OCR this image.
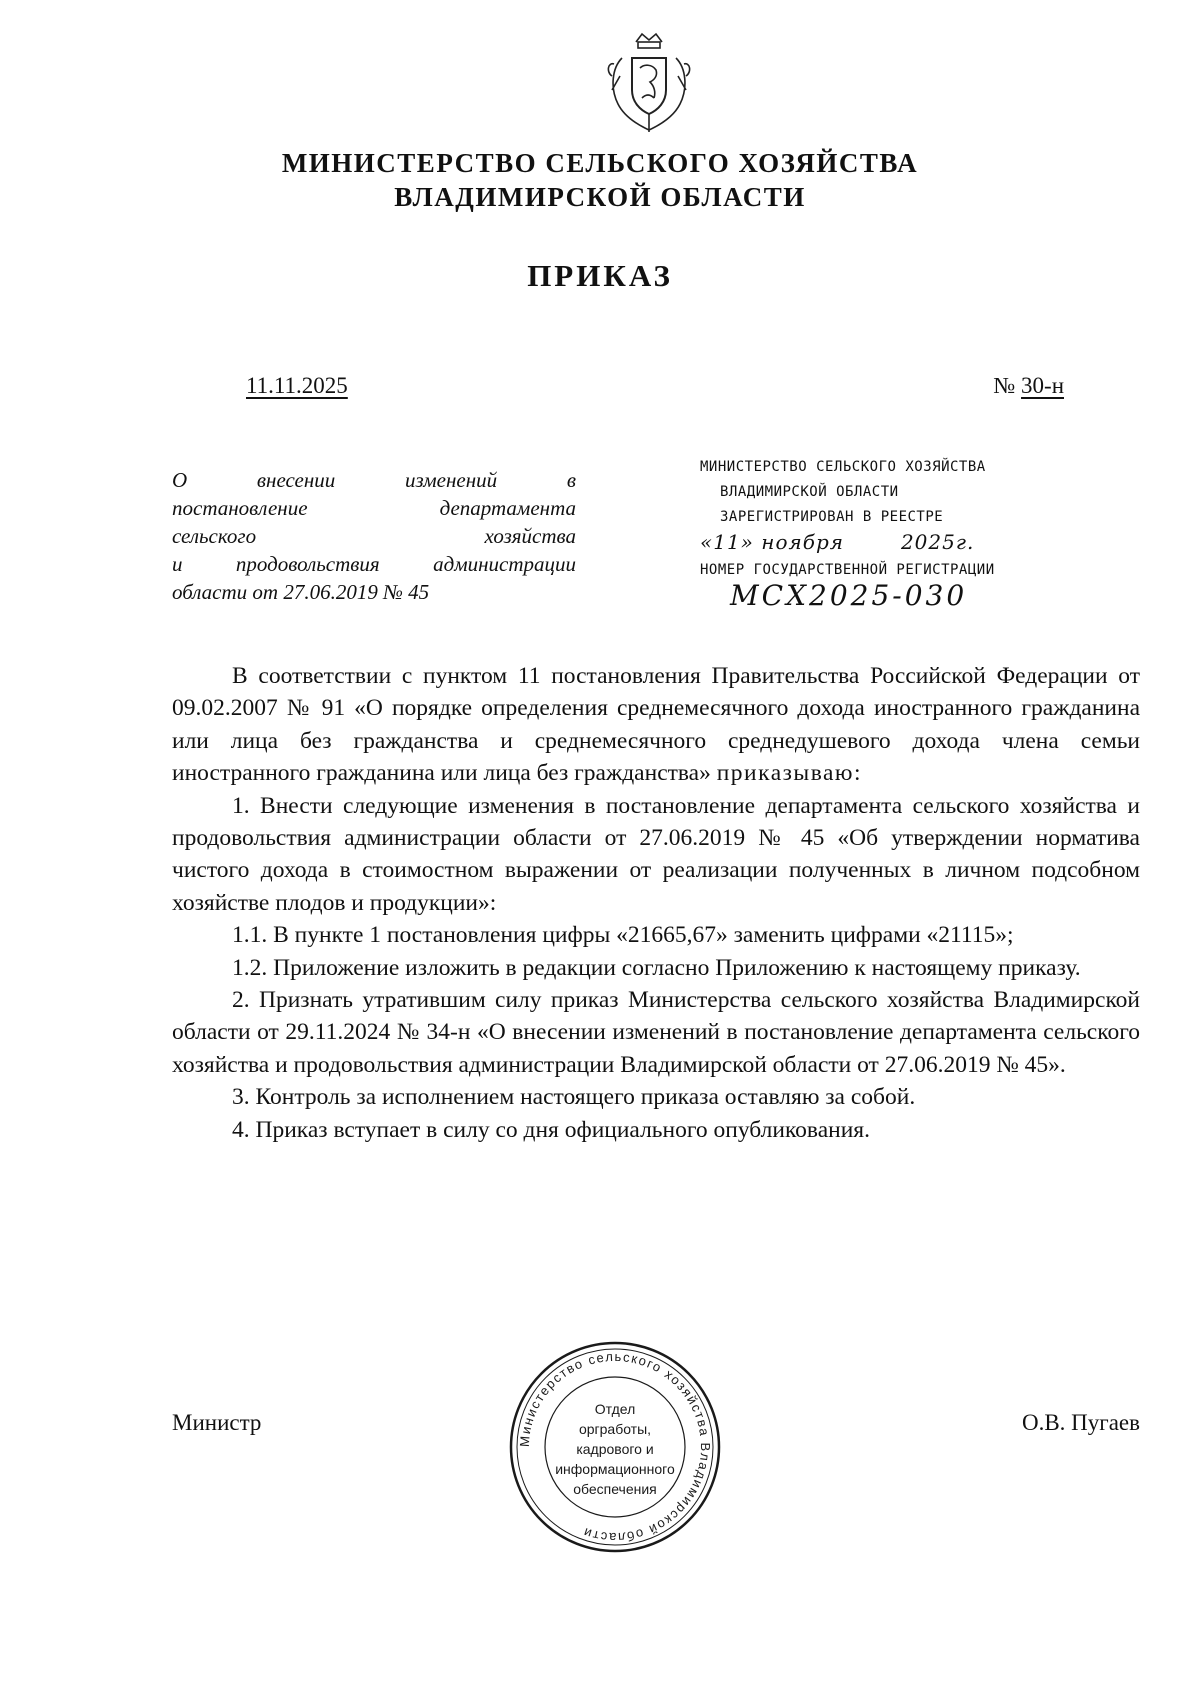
МИНИСТЕРСТВО СЕЛЬСКОГО ХОЗЯЙСТВА
ВЛАДИМИРСКОЙ ОБЛАСТИ
ПРИКАЗ
11.11.2025	№ 30-н
О внесении изменений в
постановление департамента
сельского хозяйства
и продовольствия администрации
области от 27.06.2019 № 45
МИНИСТЕРСТВО СЕЛЬСКОГО ХОЗЯЙСТВА
ВЛАДИМИРСКОЙ ОБЛАСТИ
ЗАРЕГИСТРИРОВАН В РЕЕСТРЕ
«11» ноября	2025г.
НОМЕР ГОСУДАРСТВЕННОЙ РЕГИСТРАЦИИ
МСХ2025-030

В соответствии с пунктом 11 постановления Правительства Российской Федерации от 09.02.2007 № 91 «О порядке определения среднемесячного дохода иностранного гражданина или лица без гражданства и среднемесячного среднедушевого дохода члена семьи иностранного гражданина или лица без гражданства» приказываю:

1. Внести следующие изменения в постановление департамента сельского хозяйства и продовольствия администрации области от 27.06.2019 № 45 «Об утверждении норматива чистого дохода в стоимостном выражении от реализации полученных в личном подсобном хозяйстве плодов и продукции»:

1.1. В пункте 1 постановления цифры «21665,67» заменить цифрами «21115»;

1.2. Приложение изложить в редакции согласно Приложению к настоящему приказу.

2. Признать утратившим силу приказ Министерства сельского хозяйства Владимирской области от 29.11.2024 № 34-н «О внесении изменений в постановление департамента сельского хозяйства и продовольствия администрации Владимирской области от 27.06.2019 № 45».

3. Контроль за исполнением настоящего приказа оставляю за собой.

4. Приказ вступает в силу со дня официального опубликования.

Министр	О.В. Пугаев
Министерство сельского хозяйства Владимирской области
Отдел
оргработы,
кадрового и
информационного
обеспечения
